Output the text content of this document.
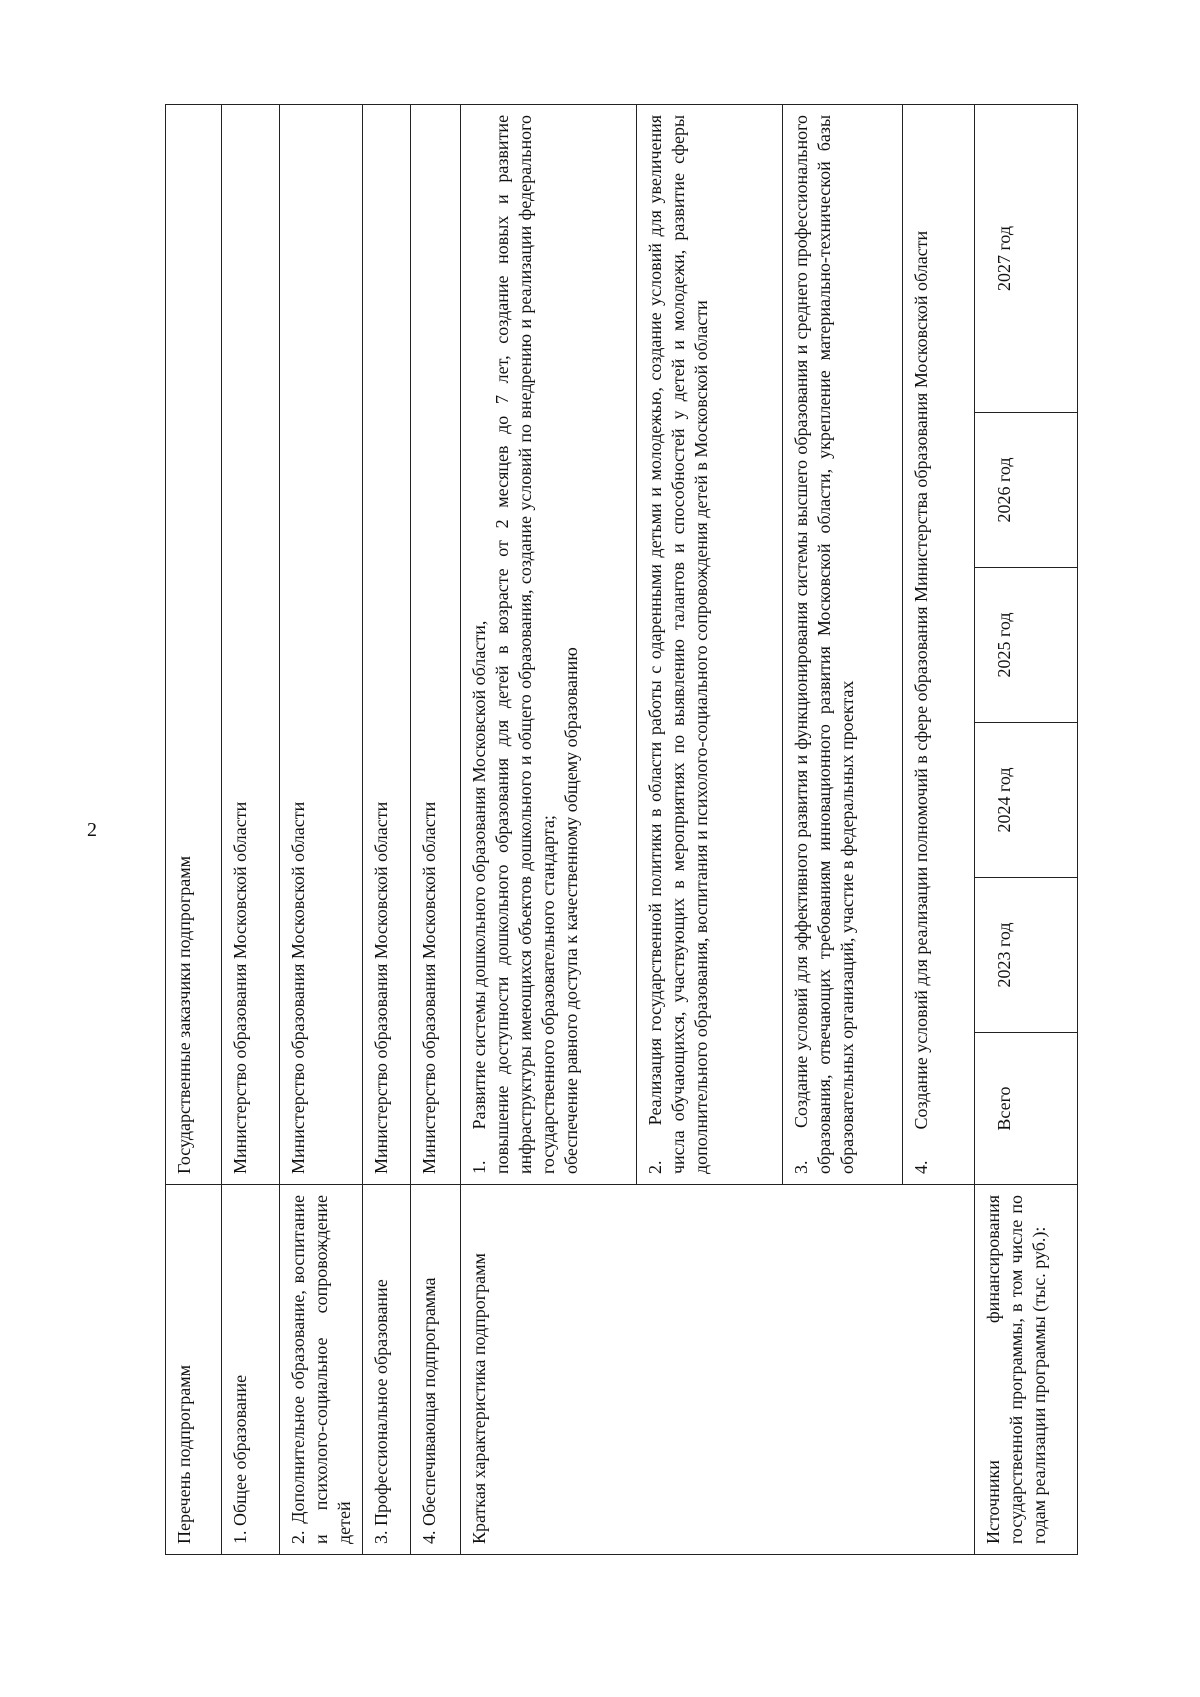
2
Перечень подпрограмм	Государственные заказчики подпрограмм					
1. Общее образование	Министерство образования Московской области					
2. Дополнительное образование, воспитание и психолого-социальное сопровождение детей	Министерство образования Московской области					
3. Профессиональное образование	Министерство образования Московской области					
4. Обеспечивающая подпрограмма	Министерство образования Московской области					
Краткая характеристика подпрограмм	1.  Развитие системы дошкольного образования Московской области, повышение доступности дошкольного образования для детей в возрасте от 2 месяцев до 7 лет, создание новых и развитие инфраструктуры имеющихся объектов дошкольного и общего образования, создание условий по внедрению и реализации федерального государственного образовательного стандарта; обеспечение равного доступа к качественному общему образованию					

	2.  Реализация государственной политики в области работы с одаренными детьми и молодежью, создание условий для увеличения числа обучающихся, участвующих в мероприятиях по выявлению талантов и способностей у детей и молодежи, развитие сферы дополнительного образования, воспитания и психолого-социального сопровождения детей в Московской области					
	3.  Создание условий для эффективного развития и функционирования системы высшего образования и среднего профессионального образования, отвечающих требованиям инновационного развития Московской области, укрепление материально-технической базы образовательных организаций, участие в федеральных проектах					
	4.  Создание условий для реализации полномочий в сфере образования Министерства образования Московской области					
Источники финансирования государственной программы, в том числе по годам реализации программы (тыс. руб.):	Всего	2023 год	2024 год	2025 год	2026 год	2027 год
